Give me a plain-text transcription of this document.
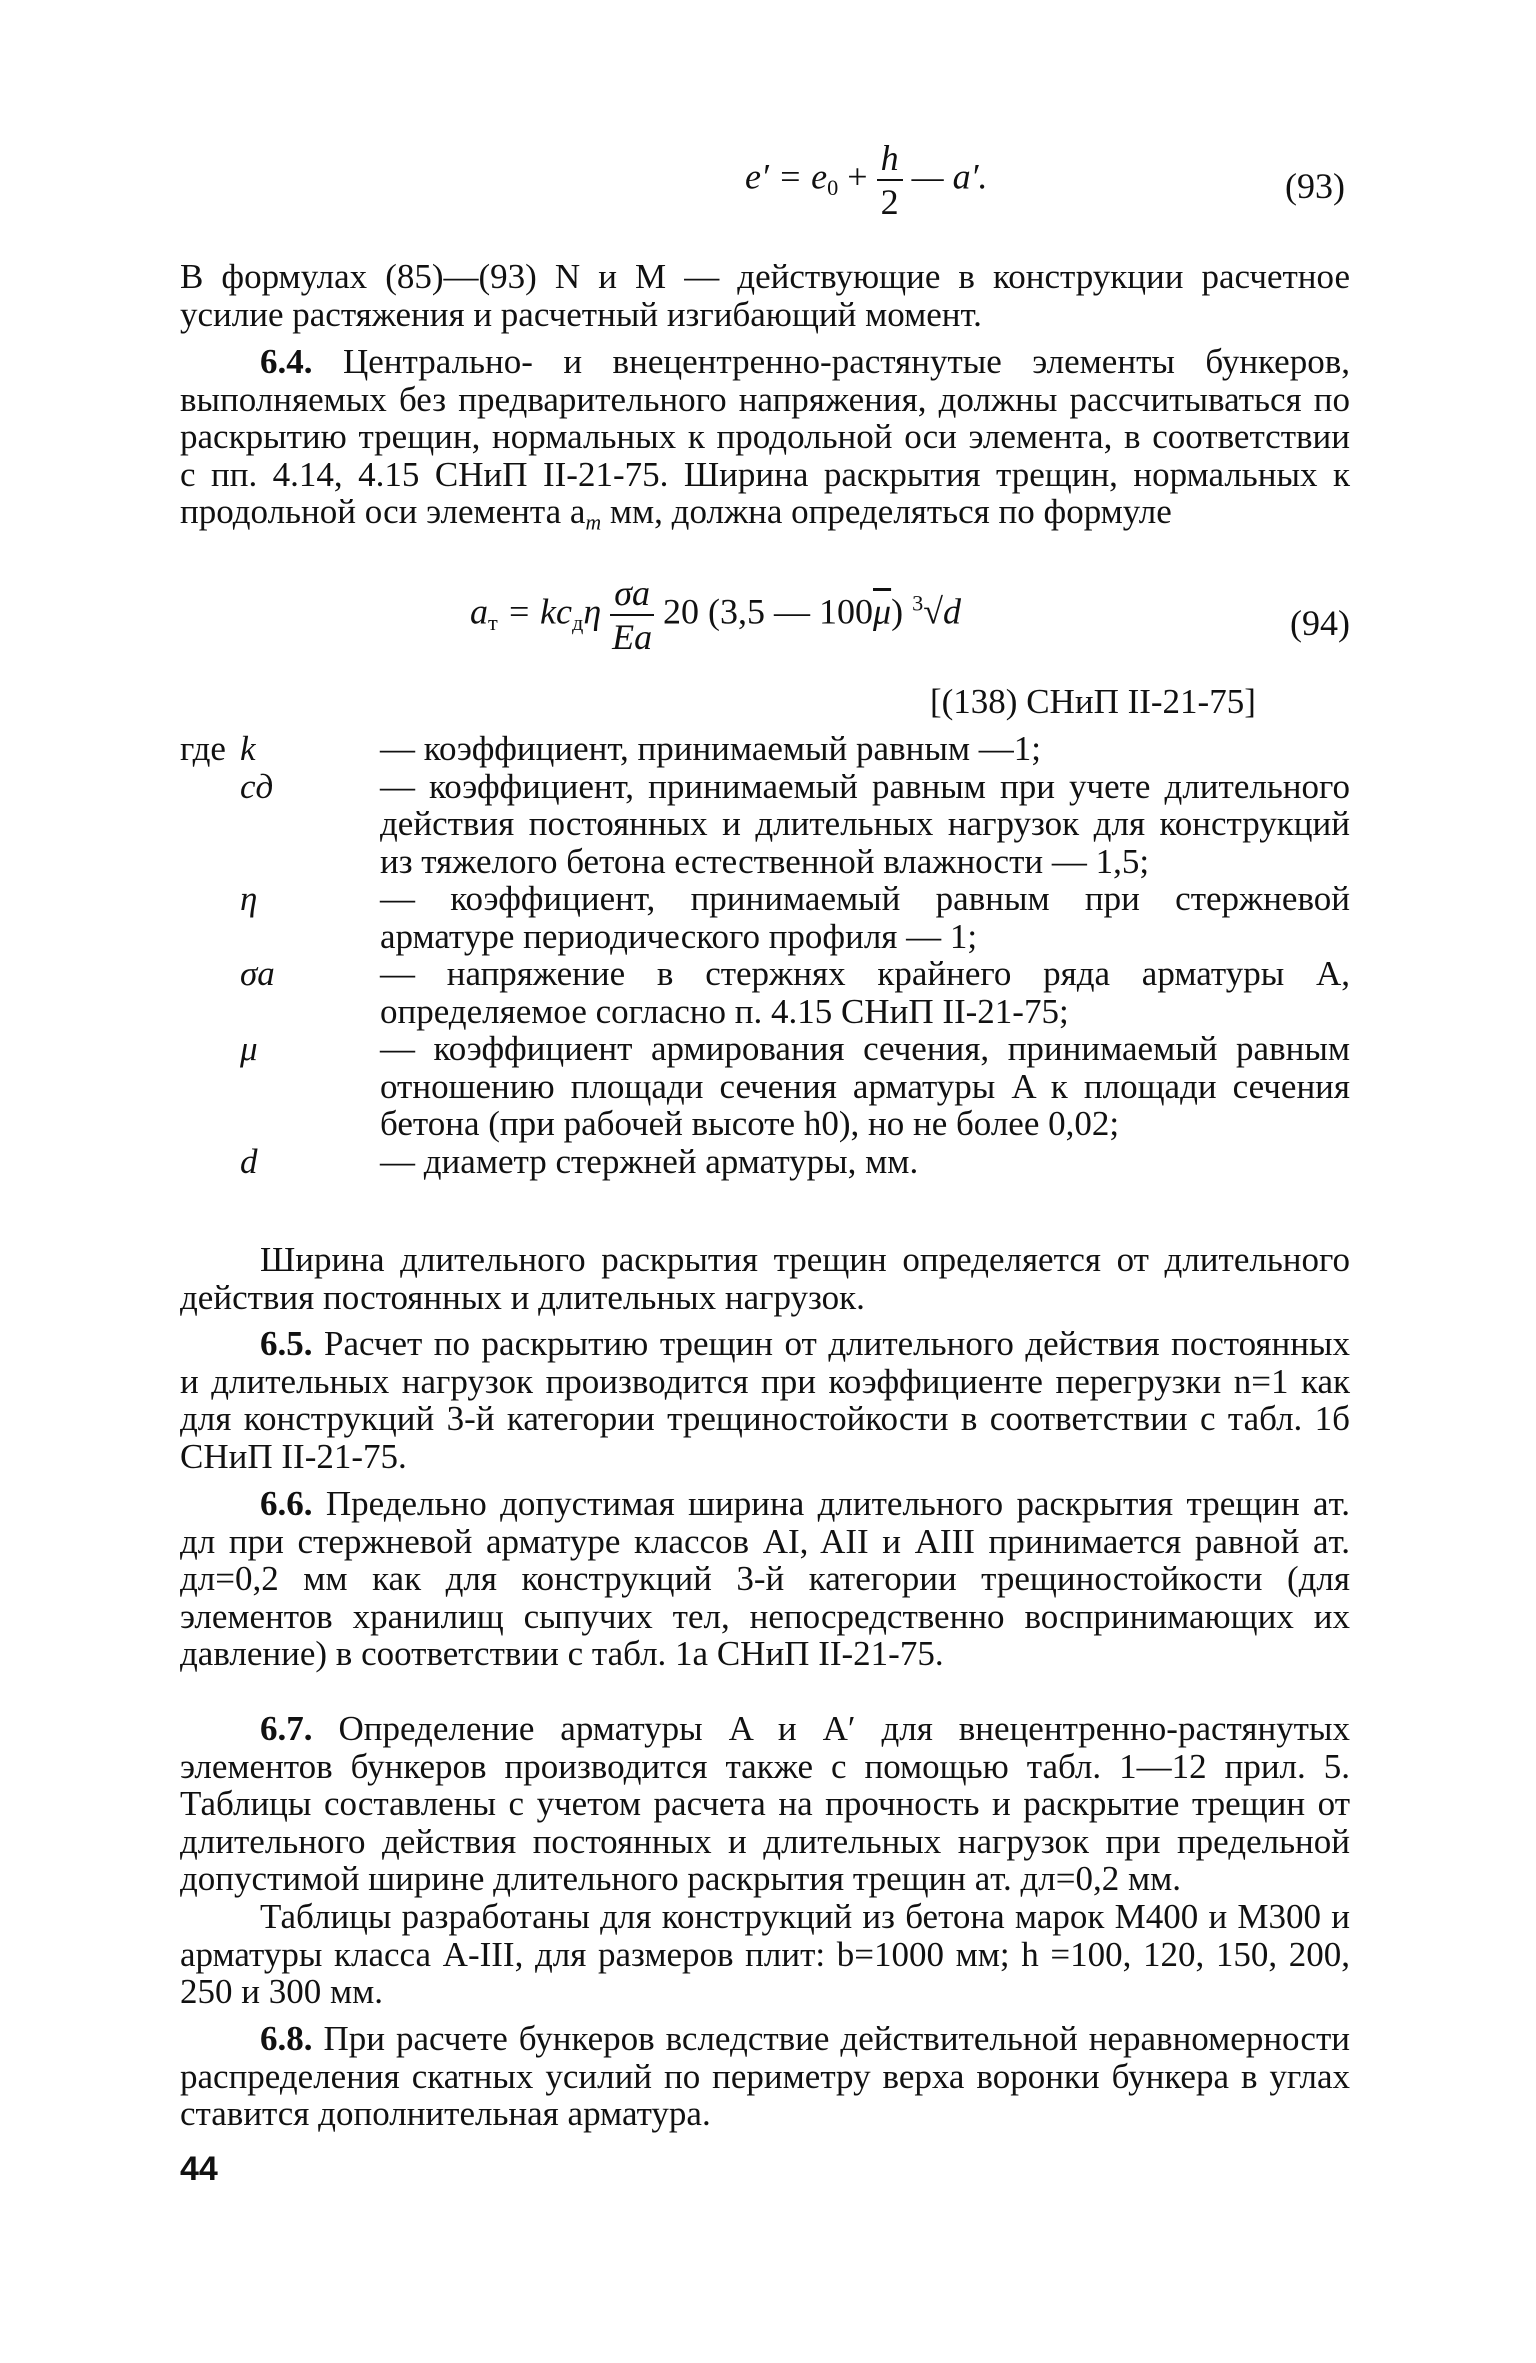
$e' = e_0 + \frac{h}{2}$ — a′.	(93)

В формулах (85)—(93) N и M — действующие в конструкции расчетное усилие растяжения и расчетный изгибающий момент.

6.4. Центрально- и внецентренно-растянутые элементы бункеров, выполняемых без предварительного напряжения, должны рассчитываться по раскрытию трещин, нормальных к продольной оси элемента, в соответствии с пп. 4.14, 4.15 СНиП II-21-75. Ширина раскрытия трещин, нормальных к продольной оси элемента $a_т$ мм, должна определяться по формуле

$a_т = kc_д\eta \frac{\sigma a}{Ea} 20$ (3,5 — $100\overline{\mu}$) $^3$√d	(94)
[(138) СНиП II-21-75]
где k	— коэффициент, принимаемый равным —1;
cд	— коэффициент, принимаемый равным при учете длительного действия постоянных и длительных нагрузок для конструкций из тяжелого бетона естественной влажности — 1,5;
η	— коэффициент, принимаемый равным при стержневой арматуре периодического профиля — 1;
σa	— напряжение в стержнях крайнего ряда арматуры A, определяемое согласно п. 4.15 СНиП II-21-75;
μ	— коэффициент армирования сечения, принимаемый равным отношению площади сечения арматуры A к площади сечения бетона (при рабочей высоте h0), но не более 0,02;
d	— диаметр стержней арматуры, мм.

Ширина длительного раскрытия трещин определяется от длительного действия постоянных и длительных нагрузок.

6.5. Расчет по раскрытию трещин от длительного действия постоянных и длительных нагрузок производится при коэффициенте перегрузки n=1 как для конструкций 3-й категории трещиностойкости в соответствии с табл. 1б СНиП II-21-75.

6.6. Предельно допустимая ширина длительного раскрытия трещин aт. дл при стержневой арматуре классов AI, AII и AIII принимается равной aт. дл=0,2 мм как для конструкций 3-й категории трещиностойкости (для элементов хранилищ сыпучих тел, непосредственно воспринимающих их давление) в соответствии с табл. 1а СНиП II-21-75.

6.7. Определение арматуры A и A′ для внецентренно-растянутых элементов бункеров производится также с помощью табл. 1—12 прил. 5. Таблицы составлены с учетом расчета на прочность и раскрытие трещин от длительного действия постоянных и длительных нагрузок при предельной допустимой ширине длительного раскрытия трещин aт. дл=0,2 мм.

Таблицы разработаны для конструкций из бетона марок М400 и М300 и арматуры класса A-III, для размеров плит: b=1000 мм; h =100, 120, 150, 200, 250 и 300 мм.

6.8. При расчете бункеров вследствие действительной неравномерности распределения скатных усилий по периметру верха воронки бункера в углах ставится дополнительная арматура.

44
